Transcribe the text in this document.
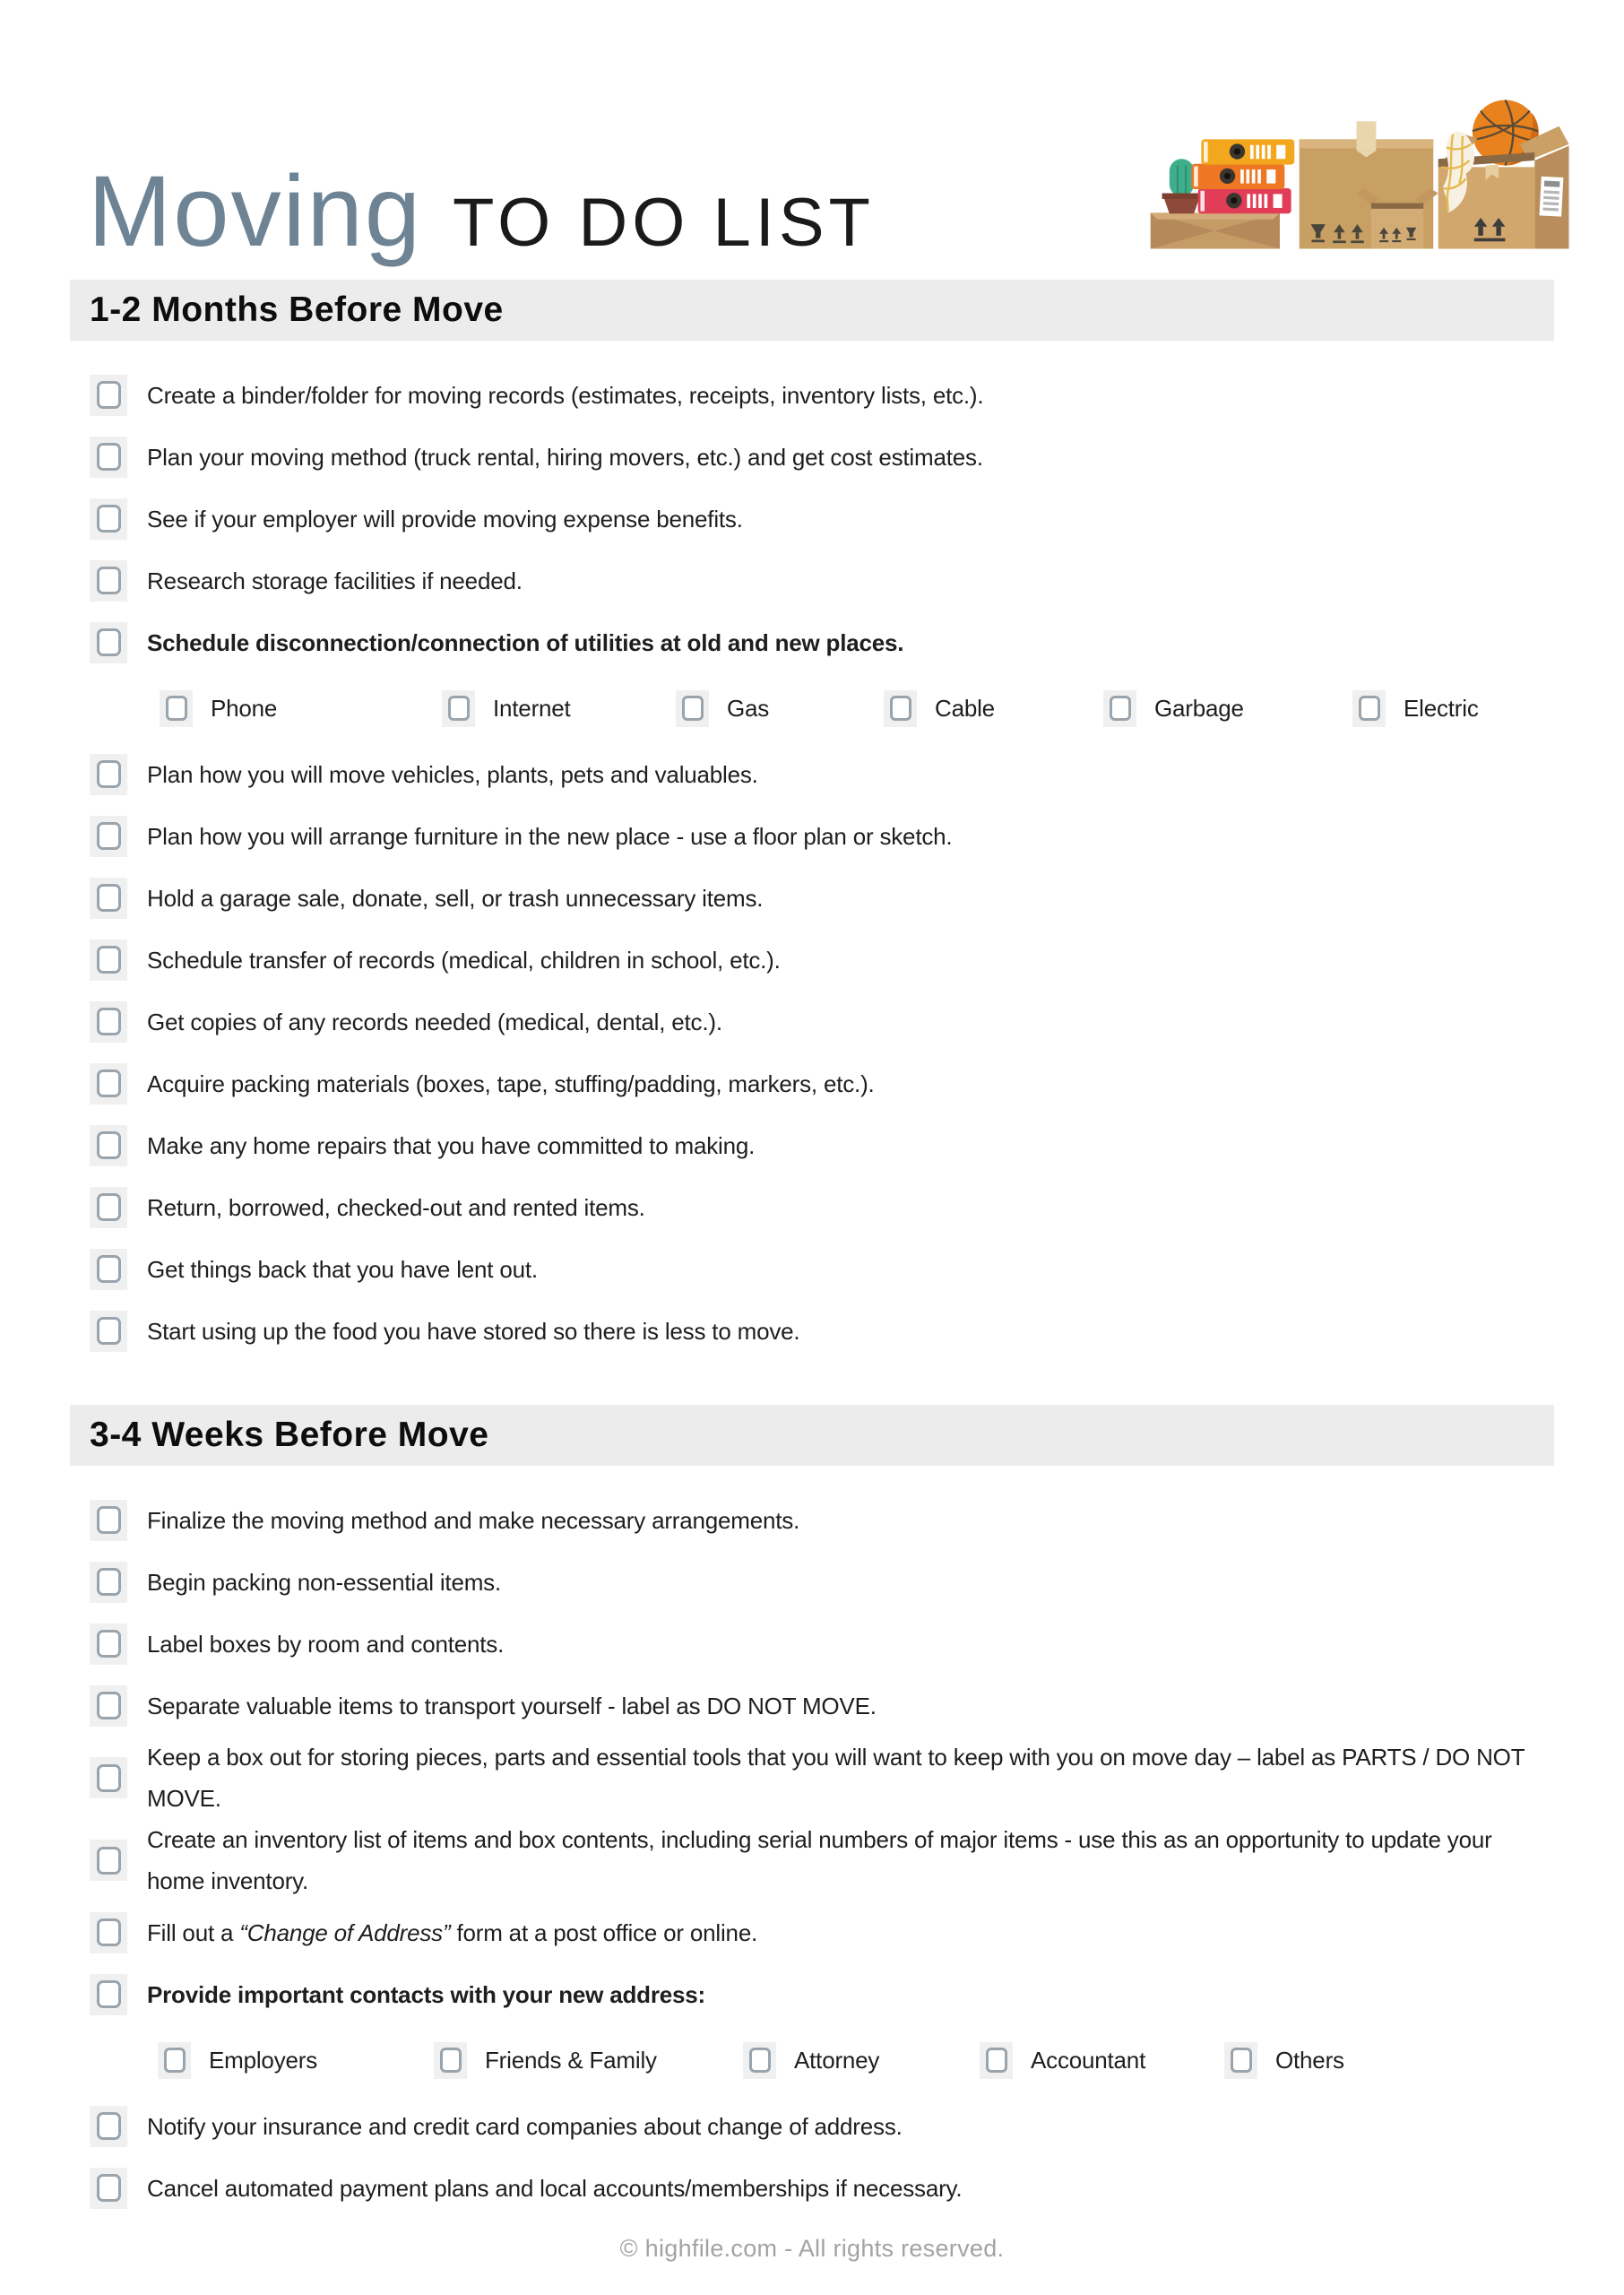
Moving TO DO LIST
1-2 Months Before Move
Create a binder/folder for moving records (estimates, receipts, inventory lists, etc.).
Plan your moving method (truck rental, hiring movers, etc.) and get cost estimates.
See if your employer will provide moving expense benefits.
Research storage facilities if needed.
Schedule disconnection/connection of utilities at old and new places.
Phone	Internet	Gas	Cable	Garbage	Electric
Plan how you will move vehicles, plants, pets and valuables.
Plan how you will arrange furniture in the new place - use a floor plan or sketch.
Hold a garage sale, donate, sell, or trash unnecessary items.
Schedule transfer of records (medical, children in school, etc.).
Get copies of any records needed (medical, dental, etc.).
Acquire packing materials (boxes, tape, stuffing/padding, markers, etc.).
Make any home repairs that you have committed to making.
Return, borrowed, checked-out and rented items.
Get things back that you have lent out.
Start using up the food you have stored so there is less to move.
3-4 Weeks Before Move
Finalize the moving method and make necessary arrangements.
Begin packing non-essential items.
Label boxes by room and contents.
Separate valuable items to transport yourself - label as DO NOT MOVE.
Keep a box out for storing pieces, parts and essential tools that you will want to keep with you on move day – label as PARTS / DO NOT MOVE.
Create an inventory list of items and box contents, including serial numbers of major items - use this as an opportunity to update your home inventory.
Fill out a “Change of Address” form at a post office or online.
Provide important contacts with your new address:
Employers	Friends & Family	Attorney	Accountant	Others
Notify your insurance and credit card companies about change of address.
Cancel automated payment plans and local accounts/memberships if necessary.
© highfile.com - All rights reserved.
